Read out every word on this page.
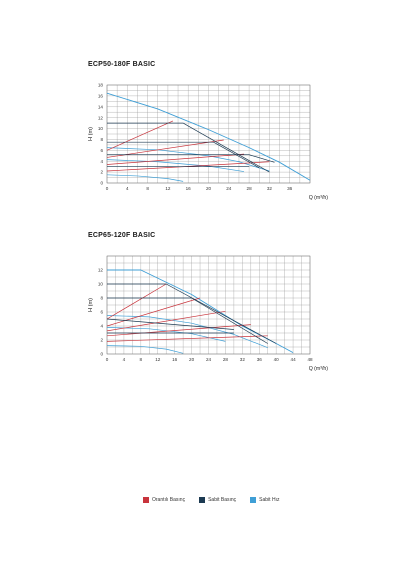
ECP50-180F BASIC
0	4	8	12	16	20	24	28	32	36
0
2
4
6
8
10
12
14
16
18
Q (m³/h)
H (m)
ECP65-120F BASIC
0	4	8	12	16	20	24	28	32	36	40	44	48
0
2
4
6
8
10
12
Q (m³/h)
H (m)
Orantılı Basınç	Sabit Basınç	Sabit Hız
